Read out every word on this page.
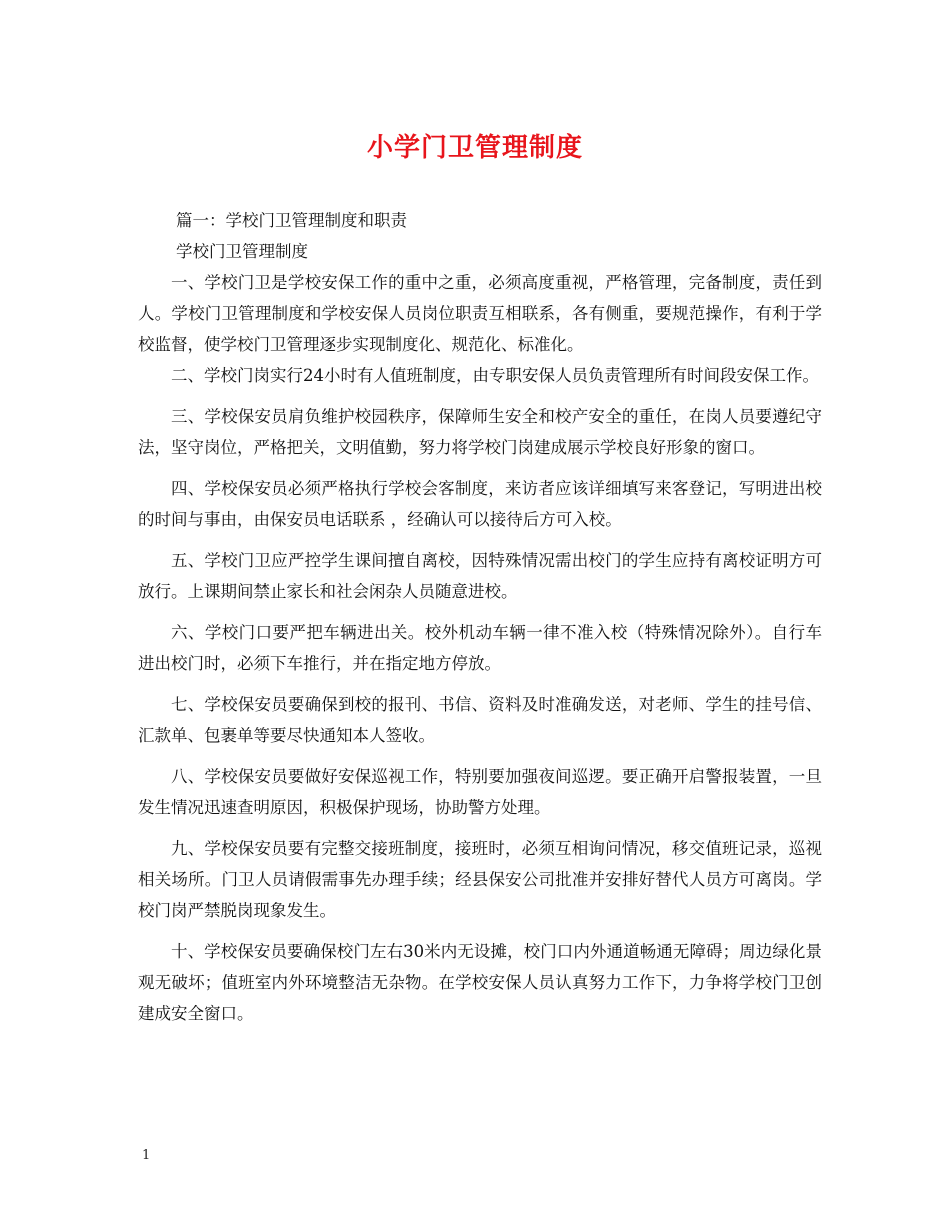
小学门卫管理制度

篇一：学校门卫管理制度和职责

学校门卫管理制度

一、学校门卫是学校安保工作的重中之重，必须高度重视，严格管理，完备制度，责任到人。学校门卫管理制度和学校安保人员岗位职责互相联系，各有侧重，要规范操作，有利于学校监督，使学校门卫管理逐步实现制度化、规范化、标准化。

二、学校门岗实行24小时有人值班制度，由专职安保人员负责管理所有时间段安保工作。

三、学校保安员肩负维护校园秩序，保障师生安全和校产安全的重任，在岗人员要遵纪守法，坚守岗位，严格把关，文明值勤，努力将学校门岗建成展示学校良好形象的窗口。

四、学校保安员必须严格执行学校会客制度，来访者应该详细填写来客登记，写明进出校的时间与事由，由保安员电话联系 ，经确认可以接待后方可入校。

五、学校门卫应严控学生课间擅自离校，因特殊情况需出校门的学生应持有离校证明方可放行。上课期间禁止家长和社会闲杂人员随意进校。

六、学校门口要严把车辆进出关。校外机动车辆一律不准入校（特殊情况除外）。自行车进出校门时，必须下车推行，并在指定地方停放。

七、学校保安员要确保到校的报刊、书信、资料及时准确发送，对老师、学生的挂号信、汇款单、包裹单等要尽快通知本人签收。

八、学校保安员要做好安保巡视工作，特别要加强夜间巡逻。要正确开启警报装置，一旦发生情况迅速查明原因，积极保护现场，协助警方处理。

九、学校保安员要有完整交接班制度，接班时，必须互相询问情况，移交值班记录，巡视相关场所。门卫人员请假需事先办理手续；经县保安公司批准并安排好替代人员方可离岗。学校门岗严禁脱岗现象发生。

十、学校保安员要确保校门左右30米内无设摊，校门口内外通道畅通无障碍；周边绿化景观无破坏；值班室内外环境整洁无杂物。在学校安保人员认真努力工作下，力争将学校门卫创建成安全窗口。

1
